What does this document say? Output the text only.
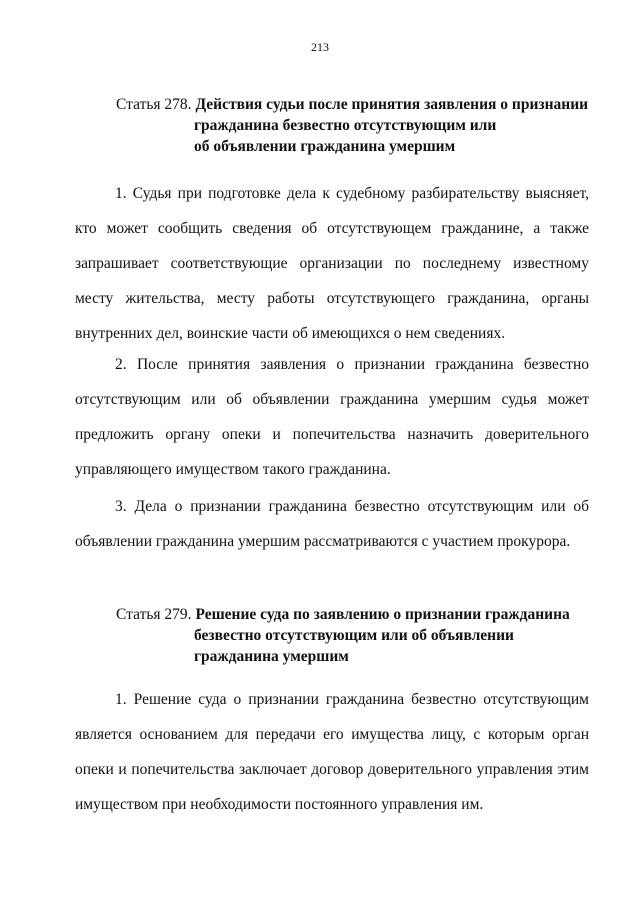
213
Статья 278. Действия судьи после принятия заявления о признании
гражданина безвестно отсутствующим или
об объявлении гражданина умершим

1. Судья при подготовке дела к судебному разбирательству выясняет, кто может сообщить сведения об отсутствующем гражданине, а также запрашивает соответствующие организации по последнему известному месту жительства, месту работы отсутствующего гражданина, органы внутренних дел, воинские части об имеющихся о нем сведениях.

2. После принятия заявления о признании гражданина безвестно отсутствующим или об объявлении гражданина умершим судья может предложить органу опеки и попечительства назначить доверительного управляющего имуществом такого гражданина.

3. Дела о признании гражданина безвестно отсутствующим или об объявлении гражданина умершим рассматриваются с участием прокурора.

Статья 279. Решение суда по заявлению о признании гражданина
безвестно отсутствующим или об объявлении
гражданина умершим

1. Решение суда о признании гражданина безвестно отсутствующим является основанием для передачи его имущества лицу, с которым орган опеки и попечительства заключает договор доверительного управления этим имуществом при необходимости постоянного управления им.
